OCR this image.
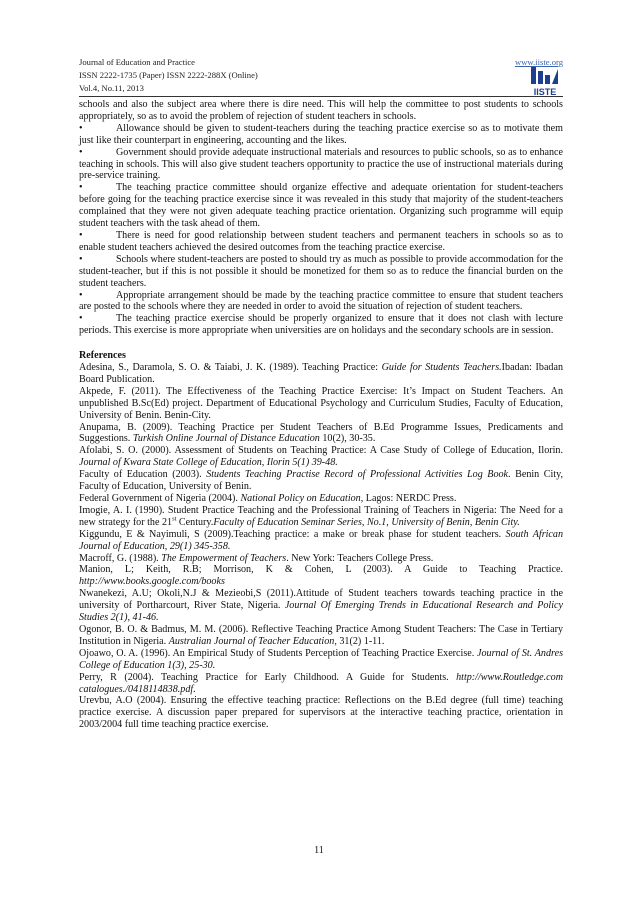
Journal of Education and Practice
ISSN 2222-1735 (Paper) ISSN 2222-288X (Online)
Vol.4, No.11, 2013
www.iiste.org
IISTE

schools and also the subject area where there is dire need. This will help the committee to post students to schools appropriately, so as to avoid the problem of rejection of student teachers in schools.

•	Allowance should be given to student-teachers during the teaching practice exercise so as to motivate them just like their counterpart in engineering, accounting and the likes.

•	Government should provide adequate instructional materials and resources to public schools, so as to enhance teaching in schools. This will also give student teachers opportunity to practice the use of instructional materials during pre-service training.

•	The teaching practice committee should organize effective and adequate orientation for student-teachers before going for the teaching practice exercise since it was revealed in this study that majority of the student-teachers complained that they were not given adequate teaching practice orientation. Organizing such programme will equip student teachers with the task ahead of them.

•	There is need for good relationship between student teachers and permanent teachers in schools so as to enable student teachers achieved the desired outcomes from the teaching practice exercise.

•	Schools where student-teachers are posted to should try as much as possible to provide accommodation for the student-teacher, but if this is not possible it should be monetized for them so as to reduce the financial burden on the student teachers.

•	Appropriate arrangement should be made by the teaching practice committee to ensure that student teachers are posted to the schools where they are needed in order to avoid the situation of rejection of student teachers.

•	The teaching practice exercise should be properly organized to ensure that it does not clash with lecture periods. This exercise is more appropriate when universities are on holidays and the secondary schools are in session.

References

Adesina, S., Daramola, S. O. & Taiabi, J. K. (1989). Teaching Practice: Guide for Students Teachers.Ibadan: Ibadan Board Publication.

Akpede, F. (2011). The Effectiveness of the Teaching Practice Exercise: It’s Impact on Student Teachers. An unpublished B.Sc(Ed) project. Department of Educational Psychology and Curriculum Studies, Faculty of Education, University of Benin. Benin-City.

Anupama, B. (2009). Teaching Practice per Student Teachers of B.Ed Programme Issues, Predicaments and Suggestions. Turkish Online Journal of Distance Education 10(2), 30-35.

Afolabi, S. O. (2000). Assessment of Students on Teaching Practice: A Case Study of College of Education, Ilorin. Journal of Kwara State College of Education, Ilorin 5(1) 39-48.

Faculty of Education (2003). Students Teaching Practise Record of Professional Activities Log Book. Benin City, Faculty of Education, University of Benin.

Federal Government of Nigeria (2004). National Policy on Education, Lagos: NERDC Press.

Imogie, A. I. (1990). Student Practice Teaching and the Professional Training of Teachers in Nigeria: The Need for a new strategy for the 21st Century.Faculty of Education Seminar Series, No.1, University of Benin, Benin City.

Kiggundu, E & Nayimuli, S (2009).Teaching practice: a make or break phase for student teachers. South African Journal of Education, 29(1) 345-358.

Macroff, G. (1988). The Empowerment of Teachers. New York: Teachers College Press.

Manion, L; Keith, R.B; Morrison, K & Cohen, L (2003). A Guide to Teaching Practice. http://www.books.google.com/books

Nwanekezi, A.U; Okoli,N.J & Mezieobi,S (2011).Attitude of Student teachers towards teaching practice in the university of Portharcourt, River State, Nigeria. Journal Of Emerging Trends in Educational Research and Policy Studies 2(1), 41-46.

Ogonor, B. O. & Badmus, M. M. (2006). Reflective Teaching Practice Among Student Teachers: The Case in Tertiary Institution in Nigeria. Australian Journal of Teacher Education, 31(2) 1-11.

Ojoawo, O. A. (1996). An Empirical Study of Students Perception of Teaching Practice Exercise. Journal of St. Andres College of Education 1(3), 25-30.

Perry, R (2004). Teaching Practice for Early Childhood. A Guide for Students. http://www.Routledge.com catalogues./0418114838.pdf.

Urevbu, A.O (2004). Ensuring the effective teaching practice: Reflections on the B.Ed degree (full time) teaching practice exercise. A discussion paper prepared for supervisors at the interactive teaching practice, orientation in 2003/2004 full time teaching practice exercise.

11
